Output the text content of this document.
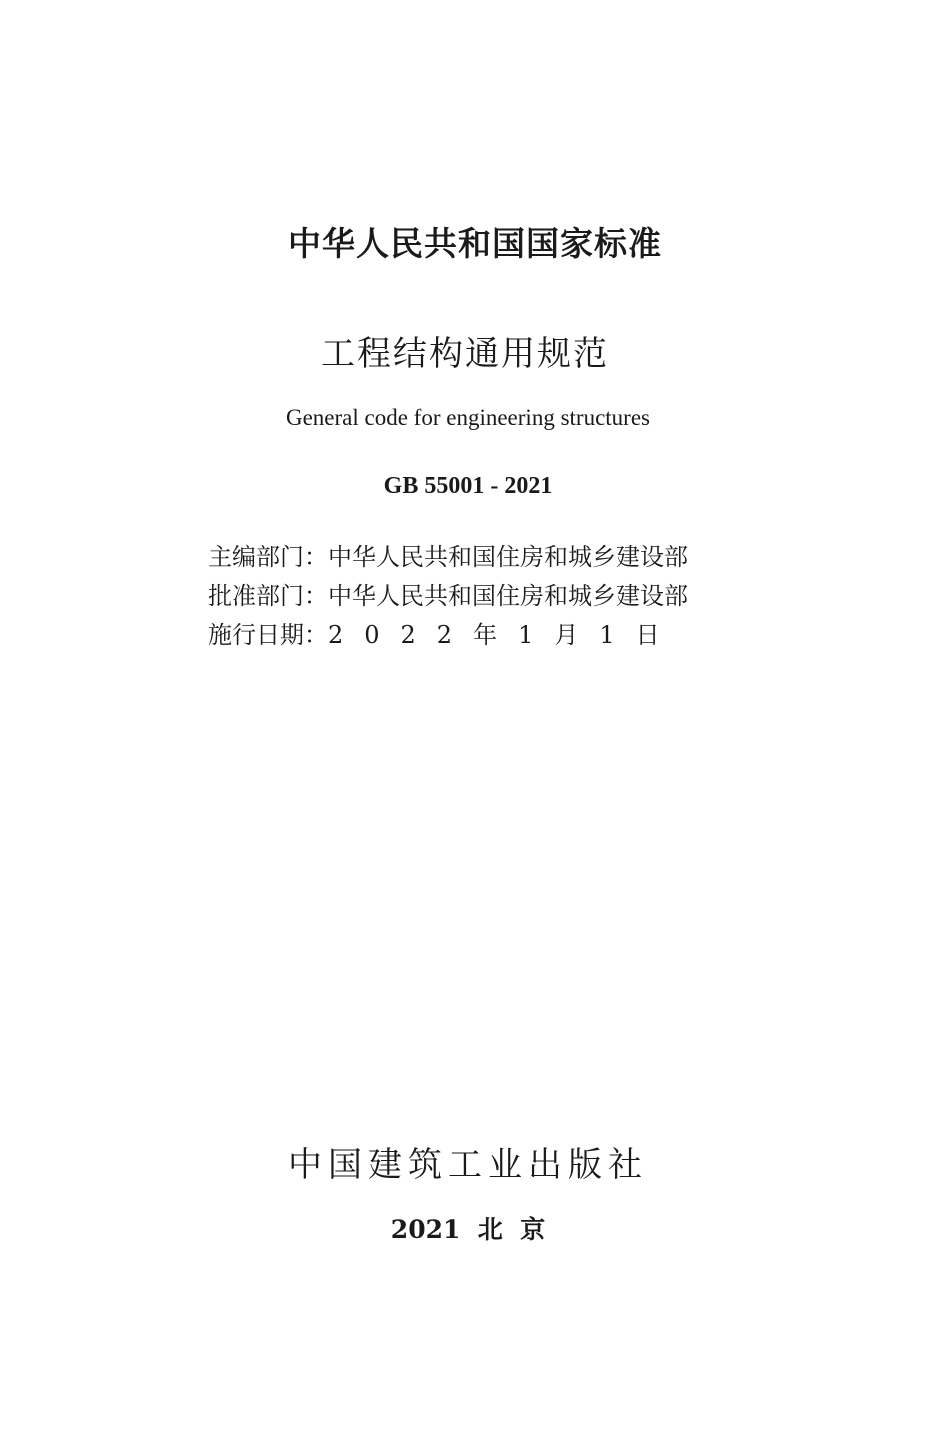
中华人民共和国国家标准
工程结构通用规范
General code for engineering structures
GB 55001 - 2021
主编部门： 中华人民共和国住房和城乡建设部
批准部门： 中华人民共和国住房和城乡建设部
施行日期： 2022年1月1日
中国建筑工业出版社
2021  北  京
